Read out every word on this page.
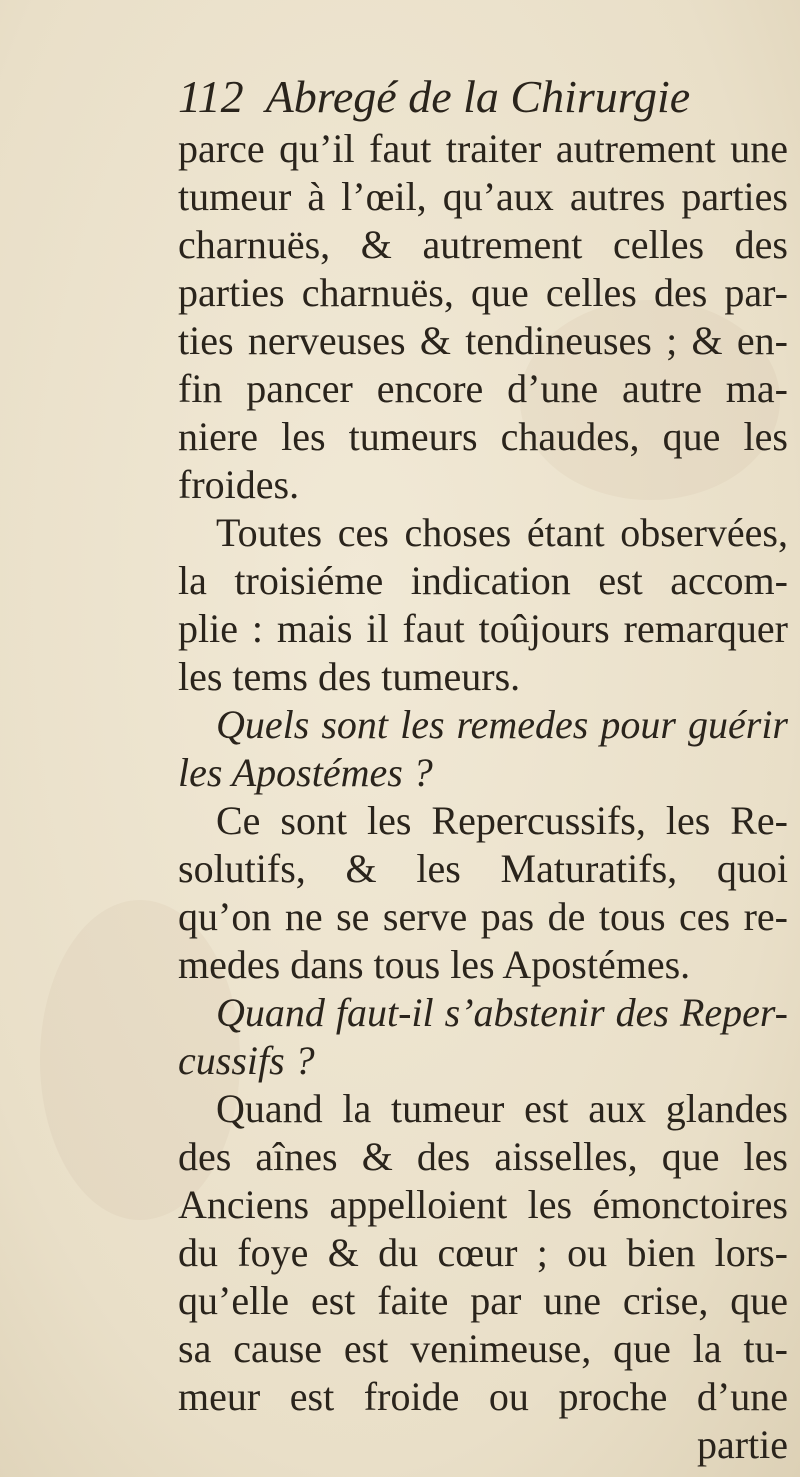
112 Abregé de la Chirurgie
parce qu’il faut traiter autrement une
tumeur à l’œil, qu’aux autres parties
charnuës, & autrement celles des
parties charnuës, que celles des par-
ties nerveuses & tendineuses ; & en-
fin pancer encore d’une autre ma-
niere les tumeurs chaudes, que les
froides.
Toutes ces choses étant observées,
la troisiéme indication est accom-
plie : mais il faut toûjours remarquer
les tems des tumeurs.
Quels sont les remedes pour guérir
les Apostémes ?
Ce sont les Repercussifs, les Re-
solutifs, & les Maturatifs, quoi
qu’on ne se serve pas de tous ces re-
medes dans tous les Apostémes.
Quand faut-il s’abstenir des Reper-
cussifs ?
Quand la tumeur est aux glandes
des aînes & des aisselles, que les
Anciens appelloient les émonctoires
du foye & du cœur ; ou bien lors-
qu’elle est faite par une crise, que
sa cause est venimeuse, que la tu-
meur est froide ou proche d’une
partie
